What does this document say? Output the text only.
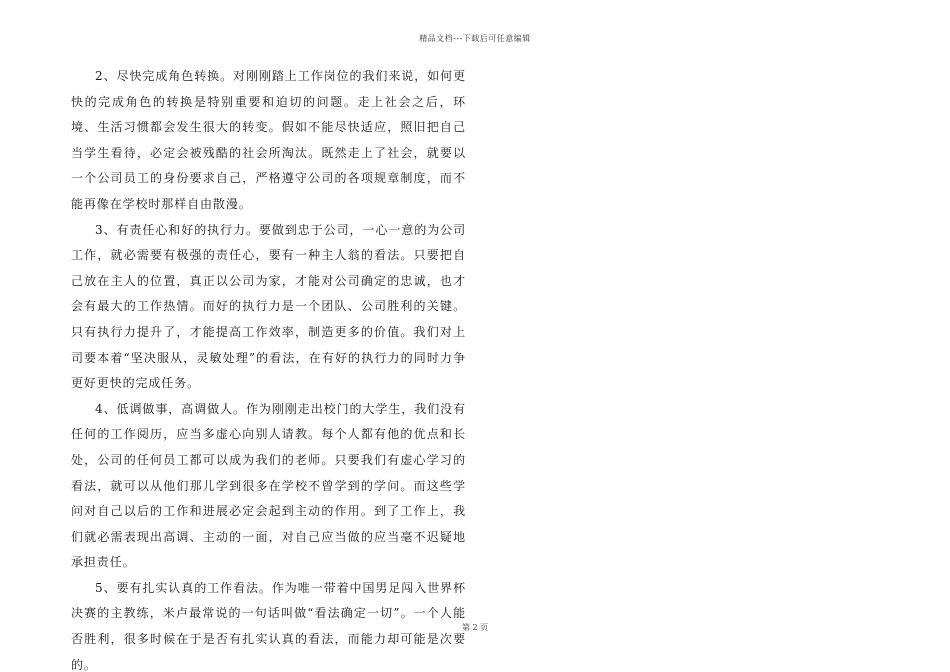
精品文档---下载后可任意编辑

2、尽快完成角色转换。对刚刚踏上工作岗位的我们来说，如何更快的完成角色的转换是特别重要和迫切的问题。走上社会之后，环境、生活习惯都会发生很大的转变。假如不能尽快适应，照旧把自己当学生看待，必定会被残酷的社会所淘汰。既然走上了社会，就要以一个公司员工的身份要求自己，严格遵守公司的各项规章制度，而不能再像在学校时那样自由散漫。

3、有责任心和好的执行力。要做到忠于公司，一心一意的为公司工作，就必需要有极强的责任心，要有一种主人翁的看法。只要把自己放在主人的位置，真正以公司为家，才能对公司确定的忠诚，也才会有最大的工作热情。而好的执行力是一个团队、公司胜利的关键。只有执行力提升了，才能提高工作效率，制造更多的价值。我们对上司要本着“坚决服从，灵敏处理”的看法，在有好的执行力的同时力争更好更快的完成任务。

4、低调做事，高调做人。作为刚刚走出校门的大学生，我们没有任何的工作阅历，应当多虚心向别人请教。每个人都有他的优点和长处，公司的任何员工都可以成为我们的老师。只要我们有虚心学习的看法，就可以从他们那儿学到很多在学校不曾学到的学问。而这些学问对自己以后的工作和进展必定会起到主动的作用。到了工作上，我们就必需表现出高调、主动的一面，对自己应当做的应当毫不迟疑地承担责任。

5、要有扎实认真的工作看法。作为唯一带着中国男足闯入世界杯决赛的主教练，米卢最常说的一句话叫做“看法确定一切”。一个人能否胜利，很多时候在于是否有扎实认真的看法，而能力却可能是次要的。

第 2 页
